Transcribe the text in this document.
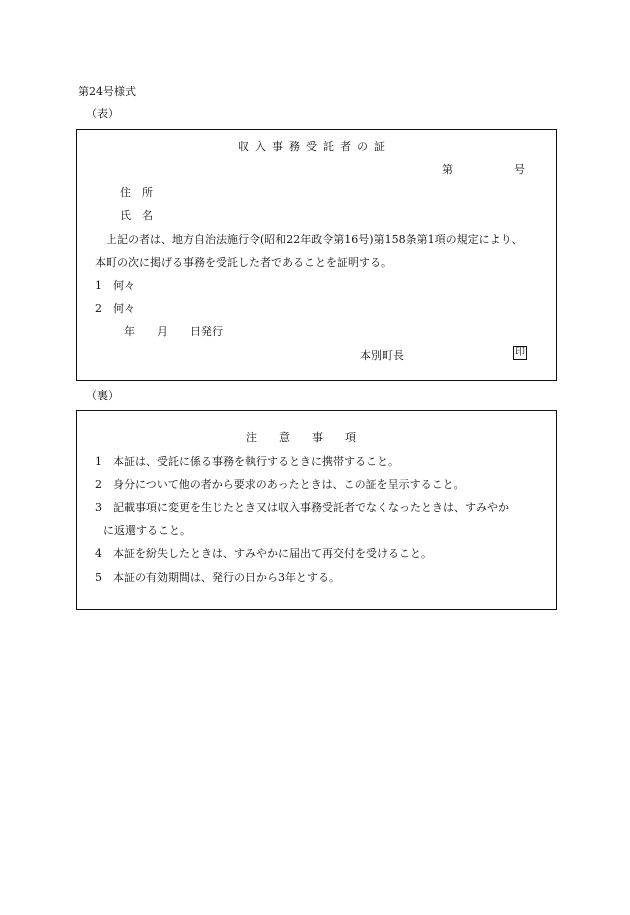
第24号様式
（表）
収入事務受託者の証
第	号
住　所
氏　名
上記の者は、地方自治法施行令(昭和22年政令第16号)第158条第1項の規定により、
本町の次に掲げる事務を受託した者であることを証明する。
1　何々
2　何々
年　　月　　日発行
本別町長	印
（裏）
注意事項
1　本証は、受託に係る事務を執行するときに携帯すること。
2　身分について他の者から要求のあったときは、この証を呈示すること。
3　記載事項に変更を生じたとき又は収入事務受託者でなくなったときは、すみやか
に返還すること。
4　本証を紛失したときは、すみやかに届出て再交付を受けること。
5　本証の有効期間は、発行の日から3年とする。
